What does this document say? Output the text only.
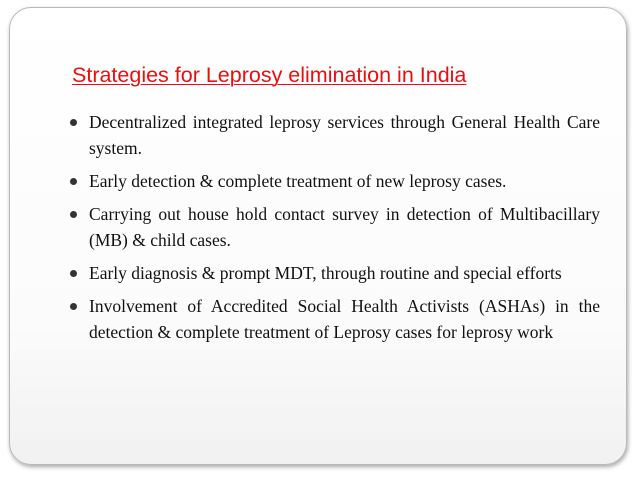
Strategies for Leprosy elimination in India
Decentralized integrated leprosy services through General Health Care system.
Early detection & complete treatment of new leprosy cases.
Carrying out house hold contact survey in detection of Multibacillary (MB) & child cases.
Early diagnosis & prompt MDT, through routine and special efforts
Involvement of Accredited Social Health Activists (ASHAs) in the detection & complete treatment of Leprosy cases for leprosy work
